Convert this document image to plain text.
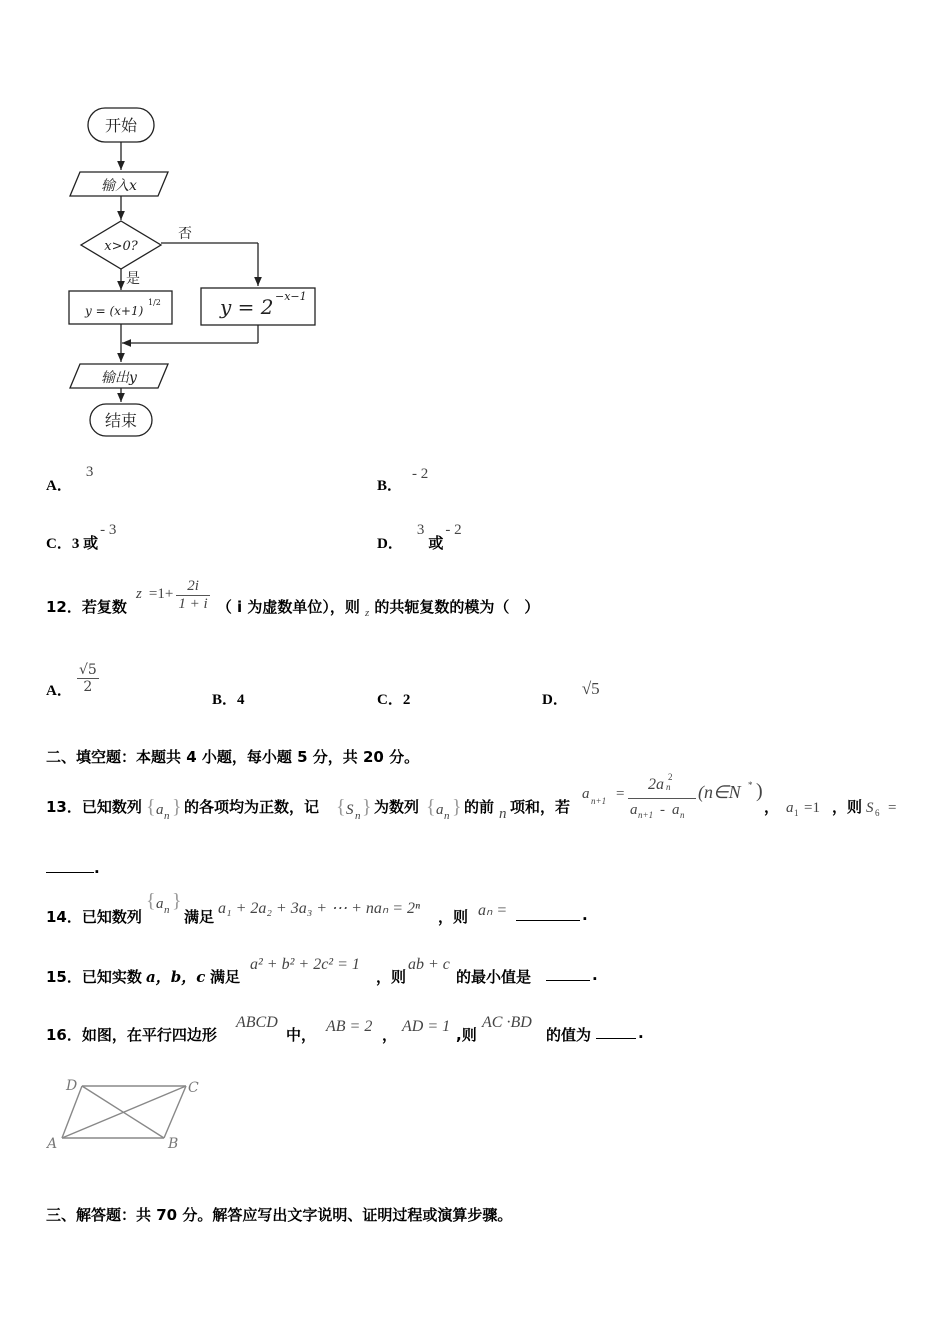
开始
输入x
x>0?
否
是
y = (x+1)
1/2	y = 2 −x−1
输出y
结束
A．3
B．- 2
C．3 或- 3
D．3或- 2
12．若复数 $z =1+ \frac{2i}{1 + i}$ （ i 为虚数单位），则 $_z$ 的共轭复数的模为（　）
A． $\frac{√5}{2}$
B．4	C．2	D．√5
二、填空题：本题共 4 小题，每小题 5 分，共 20 分。
13．已知数列 { a n } 的各项均为正数，记 { S n } 为数列 { a n } 的前 n 项和，若
a n+1 =
2a n
2
a n+1 - a n
(n∈N * )
， a 1 =1 ，则 S 6 =
.
14．已知数列
{ a n }
满足 a₁ + 2a₂ + 3a₃ + ⋯ + naₙ = 2ⁿ ，则 aₙ =	.
15．已知实数 a，b，c 满足
a² + b² + 2c² = 1
，则
ab + c
的最小值是	.
16．如图，在平行四边形
ABCD
中， AB = 2 ， AD = 1 ,则
AC ·BD
的值为	.
D	C
A	B
三、解答题：共 70 分。解答应写出文字说明、证明过程或演算步骤。
